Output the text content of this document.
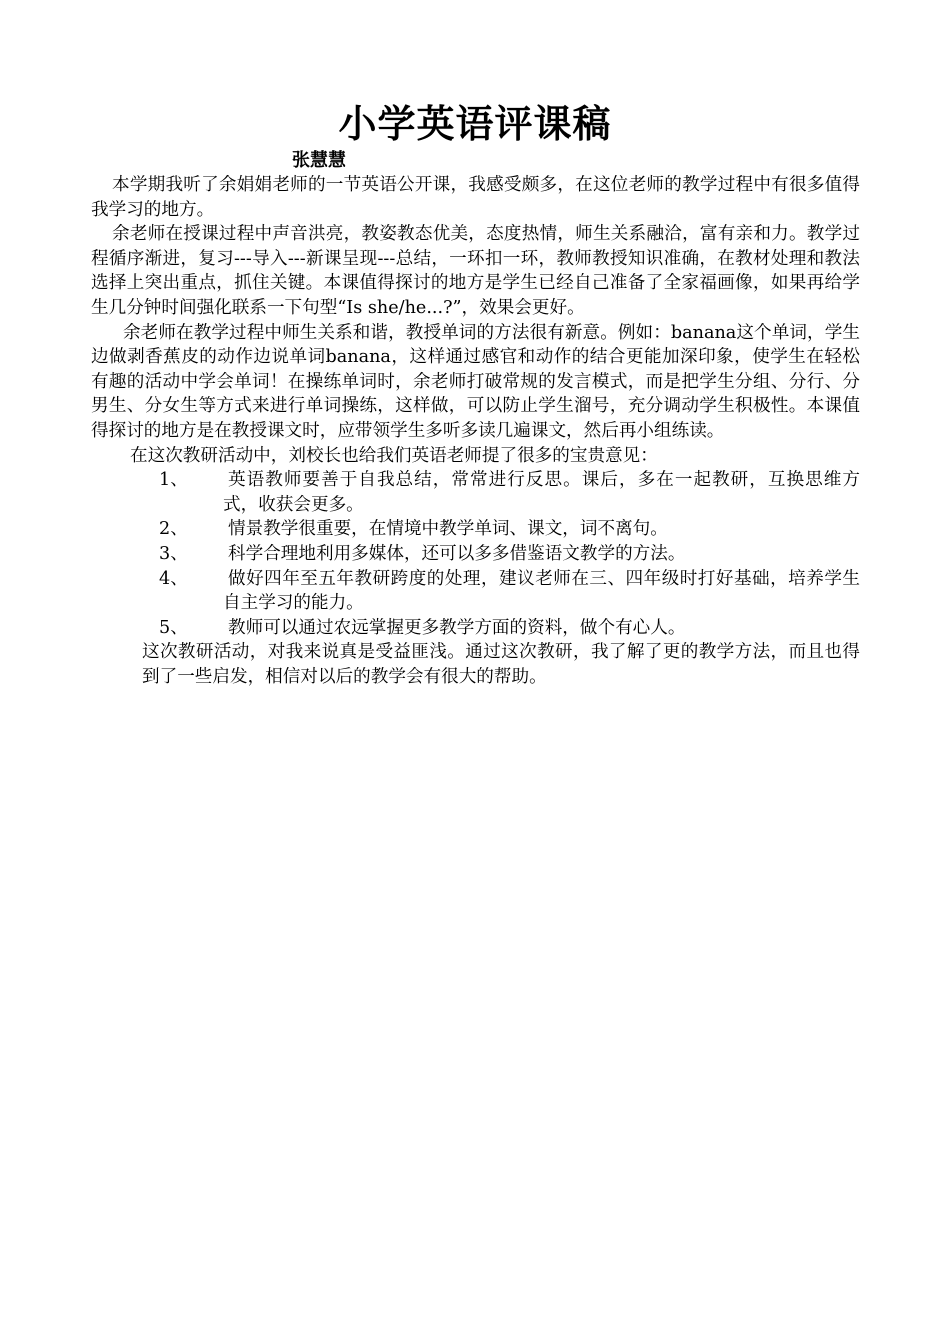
小学英语评课稿
张慧慧

本学期我听了余娟娟老师的一节英语公开课，我感受颇多，在这位老师的教学过程中有很多值得我学习的地方。

余老师在授课过程中声音洪亮，教姿教态优美，态度热情，师生关系融洽，富有亲和力。教学过程循序渐进，复习---导入---新课呈现---总结，一环扣一环，教师教授知识准确，在教材处理和教法选择上突出重点，抓住关键。本课值得探讨的地方是学生已经自己准备了全家福画像，如果再给学生几分钟时间强化联系一下句型“Is she/he...?”，效果会更好。

余老师在教学过程中师生关系和谐，教授单词的方法很有新意。例如：banana这个单词，学生边做剥香蕉皮的动作边说单词banana，这样通过感官和动作的结合更能加深印象，使学生在轻松有趣的活动中学会单词！在操练单词时，余老师打破常规的发言模式，而是把学生分组、分行、分男生、分女生等方式来进行单词操练，这样做，可以防止学生溜号，充分调动学生积极性。本课值得探讨的地方是在教授课文时，应带领学生多听多读几遍课文，然后再小组练读。

在这次教研活动中，刘校长也给我们英语老师提了很多的宝贵意见：

1、	英语教师要善于自我总结，常常进行反思。课后，多在一起教研，互换思维方式，收获会更多。
2、	情景教学很重要，在情境中教学单词、课文，词不离句。
3、	科学合理地利用多媒体，还可以多多借鉴语文教学的方法。
4、	做好四年至五年教研跨度的处理，建议老师在三、四年级时打好基础，培养学生自主学习的能力。
5、	教师可以通过农远掌握更多教学方面的资料，做个有心人。

这次教研活动，对我来说真是受益匪浅。通过这次教研，我了解了更的教学方法，而且也得到了一些启发，相信对以后的教学会有很大的帮助。
